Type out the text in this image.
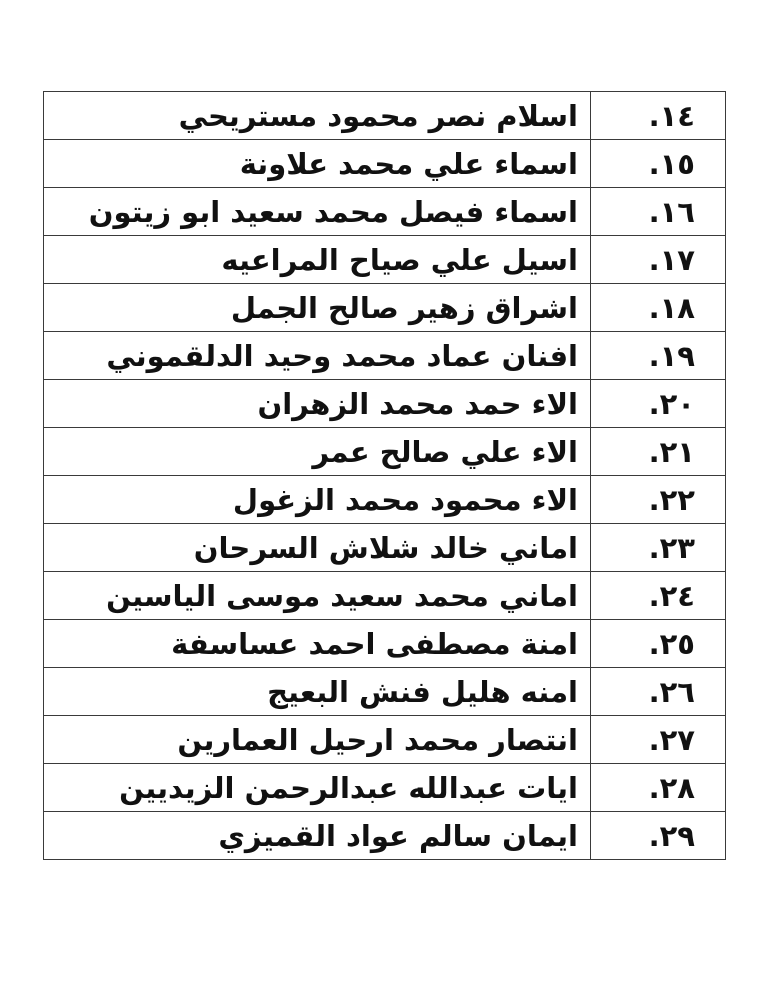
اسلام نصر محمود مستريحي	١٤.
اسماء علي محمد علاونة	١٥.
اسماء فيصل محمد سعيد ابو زيتون	١٦.
اسيل علي صياح المراعيه	١٧.
اشراق زهير صالح الجمل	١٨.
افنان عماد محمد وحيد الدلقموني	١٩.
الاء حمد محمد الزهران	٢٠.
الاء علي صالح عمر	٢١.
الاء محمود محمد الزغول	٢٢.
اماني خالد شلاش السرحان	٢٣.
اماني محمد سعيد موسى الياسين	٢٤.
امنة مصطفى احمد عساسفة	٢٥.
امنه هليل فنش البعيج	٢٦.
انتصار محمد ارحيل العمارين	٢٧.
ايات عبدالله عبدالرحمن الزيديين	٢٨.
ايمان سالم عواد القميزي	٢٩.
